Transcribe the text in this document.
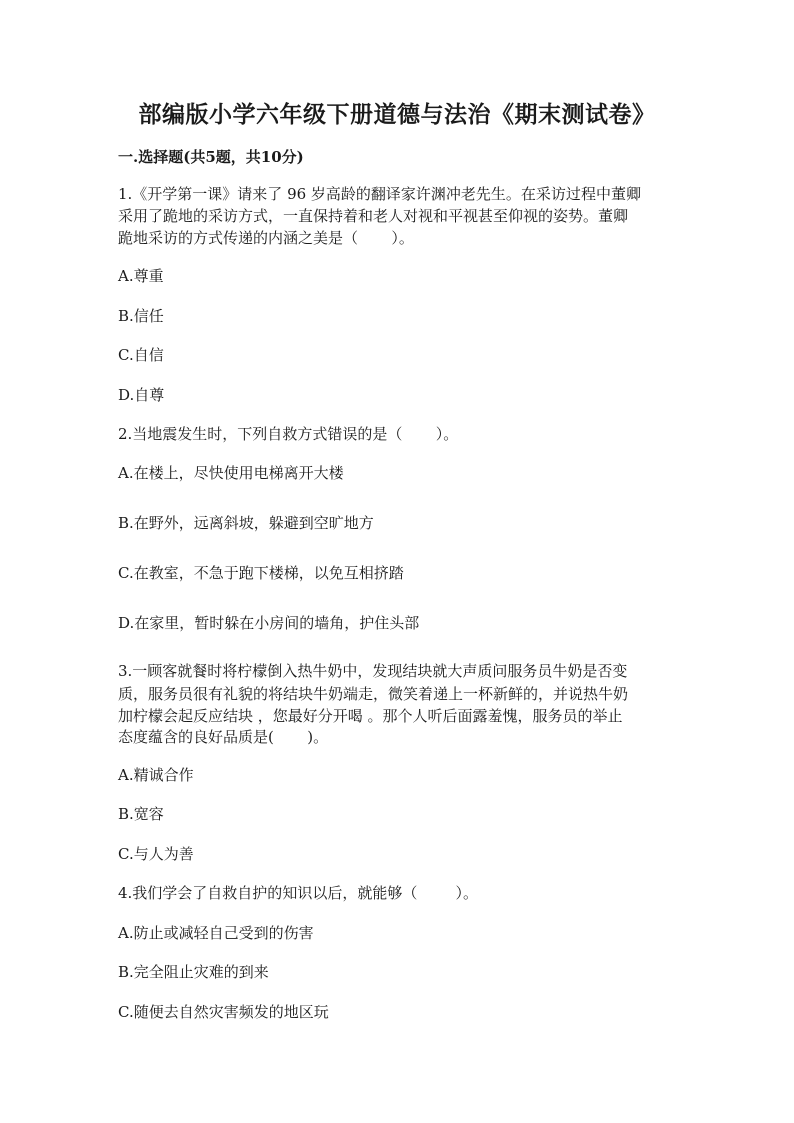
部编版小学六年级下册道德与法治《期末测试卷》
一.选择题(共5题，共10分)
1.《开学第一课》请来了 96 岁高龄的翻译家许渊冲老先生。在采访过程中董卿
采用了跪地的采访方式，一直保持着和老人对视和平视甚至仰视的姿势。董卿
跪地采访的方式传递的内涵之美是（       ）。
A.尊重
B.信任
C.自信
D.自尊
2.当地震发生时，下列自救方式错误的是（       ）。
A.在楼上，尽快使用电梯离开大楼
B.在野外，远离斜坡，躲避到空旷地方
C.在教室，不急于跑下楼梯，以免互相挤踏
D.在家里，暂时躲在小房间的墙角，护住头部
3.一顾客就餐时将柠檬倒入热牛奶中，发现结块就大声质问服务员牛奶是否变
质，服务员很有礼貌的将结块牛奶端走，微笑着递上一杯新鲜的，并说热牛奶
加柠檬会起反应结块 ，您最好分开喝 。那个人听后面露羞愧，服务员的举止
态度蕴含的良好品质是(       )。
A.精诚合作
B.宽容
C.与人为善
4.我们学会了自救自护的知识以后，就能够（        ）。
A.防止或减轻自己受到的伤害
B.完全阻止灾难的到来
C.随便去自然灾害频发的地区玩
